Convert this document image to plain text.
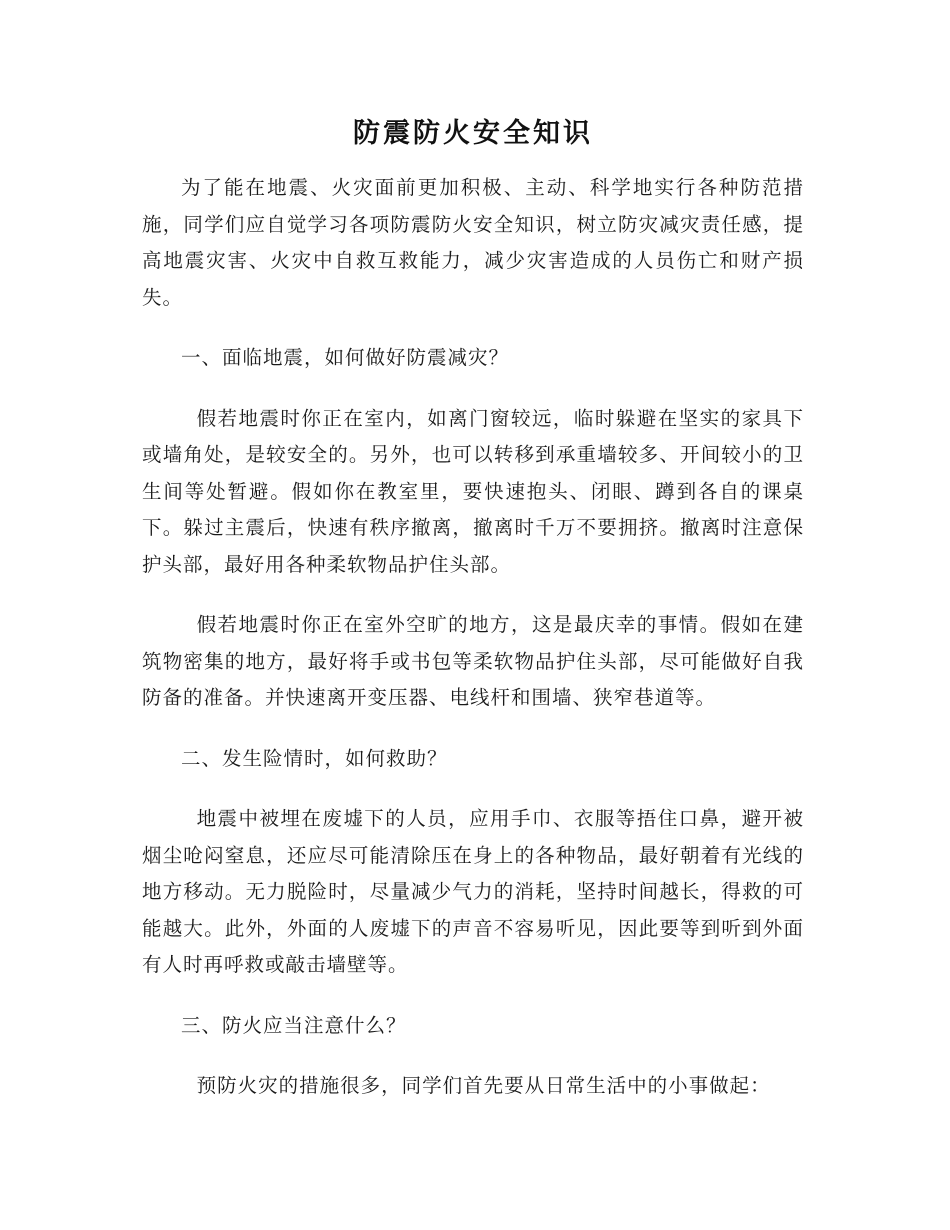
防震防火安全知识

为了能在地震、火灾面前更加积极、主动、科学地实行各种防范措施，同学们应自觉学习各项防震防火安全知识，树立防灾减灾责任感，提高地震灾害、火灾中自救互救能力，减少灾害造成的人员伤亡和财产损失。

一、面临地震，如何做好防震减灾？

假若地震时你正在室内，如离门窗较远，临时躲避在坚实的家具下或墙角处，是较安全的。另外，也可以转移到承重墙较多、开间较小的卫生间等处暂避。假如你在教室里，要快速抱头、闭眼、蹲到各自的课桌下。躲过主震后，快速有秩序撤离，撤离时千万不要拥挤。撤离时注意保护头部，最好用各种柔软物品护住头部。

假若地震时你正在室外空旷的地方，这是最庆幸的事情。假如在建筑物密集的地方，最好将手或书包等柔软物品护住头部，尽可能做好自我防备的准备。并快速离开变压器、电线杆和围墙、狭窄巷道等。

二、发生险情时，如何救助？

地震中被埋在废墟下的人员，应用手巾、衣服等捂住口鼻，避开被烟尘呛闷窒息，还应尽可能清除压在身上的各种物品，最好朝着有光线的地方移动。无力脱险时，尽量减少气力的消耗，坚持时间越长，得救的可能越大。此外，外面的人废墟下的声音不容易听见，因此要等到听到外面有人时再呼救或敲击墙壁等。

三、防火应当注意什么？

预防火灾的措施很多，同学们首先要从日常生活中的小事做起：
